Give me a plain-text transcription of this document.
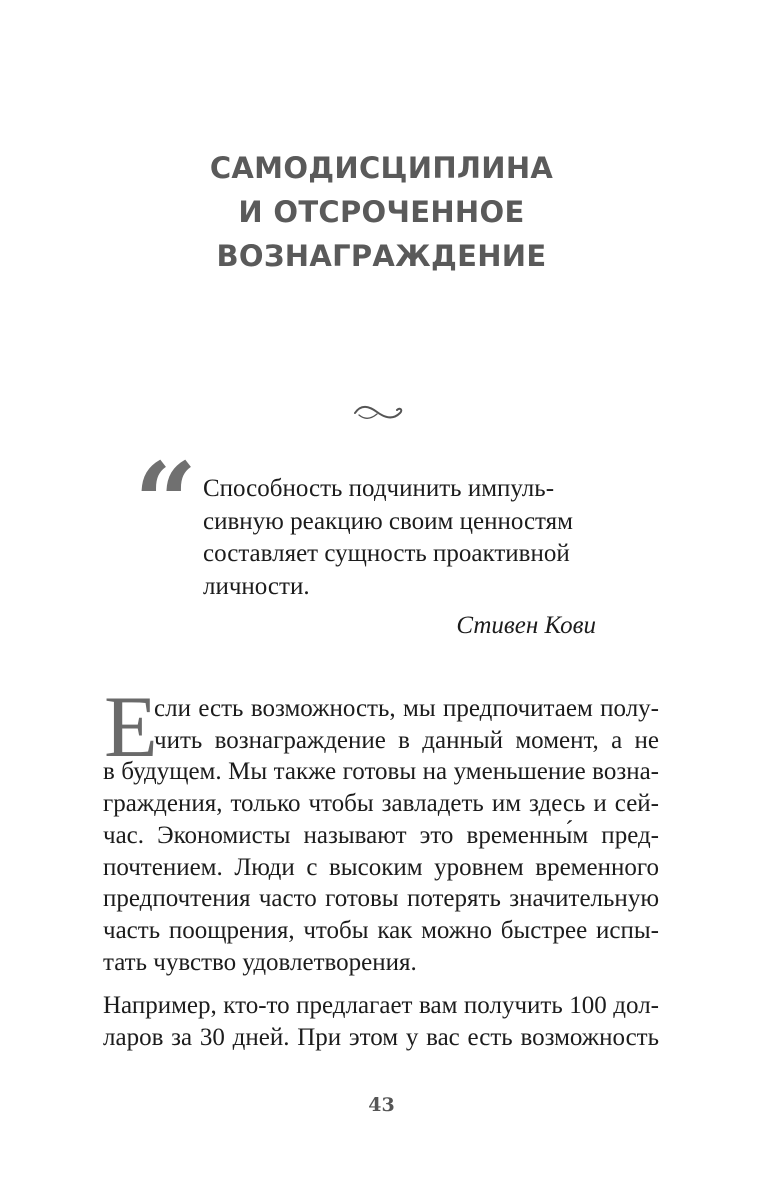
САМОДИСЦИПЛИНА
И ОТСРОЧЕННОЕ
ВОЗНАГРАЖДЕНИЕ
“ Способность подчинить импуль-
сивную реакцию своим ценностям
составляет сущность проактивной
личности.
Стивен Кови
Е
сли есть возможность, мы предпочитаем полу-
чить вознаграждение в данный момент, а не
в будущем. Мы также готовы на уменьшение возна-
граждения, только чтобы завладеть им здесь и сей-
час. Экономисты называют это временны́м пред-
почтением. Люди с высоким уровнем временного
предпочтения часто готовы потерять значительную
часть поощрения, чтобы как можно быстрее испы-
тать чувство удовлетворения.
Например, кто-то предлагает вам получить 100 дол-
ларов за 30 дней. При этом у вас есть возможность
43
